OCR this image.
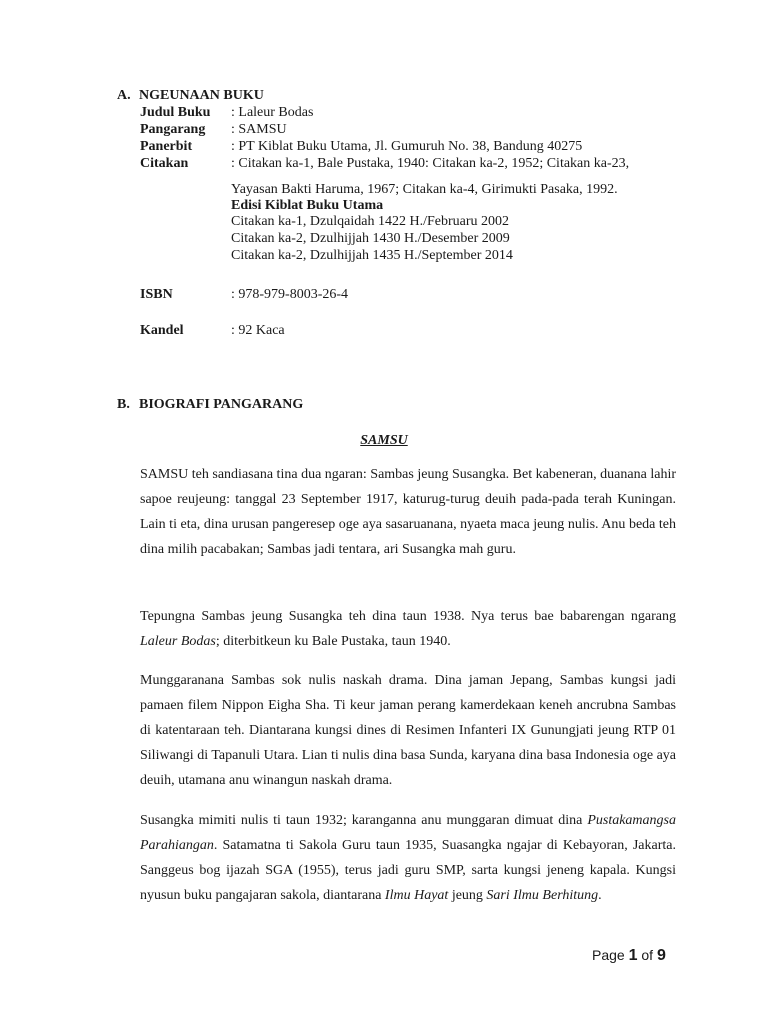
A. NGEUNAAN BUKU
Judul Buku : Laleur Bodas
Pangarang : SAMSU
Panerbit	: PT Kiblat Buku Utama, Jl. Gumuruh No. 38, Bandung 40275
Citakan	: Citakan ka-1, Bale Pustaka, 1940: Citakan ka-2, 1952; Citakan ka-23,
Yayasan Bakti Haruma, 1967; Citakan ka-4, Girimukti Pasaka, 1992.
Edisi Kiblat Buku Utama
Citakan ka-1, Dzulqaidah 1422 H./Februaru 2002
Citakan ka-2, Dzulhijjah 1430 H./Desember 2009
Citakan ka-2, Dzulhijjah 1435 H./September 2014
ISBN	: 978-979-8003-26-4
Kandel	: 92 Kaca
B. BIOGRAFI PANGARANG
SAMSU

SAMSU teh sandiasana tina dua ngaran: Sambas jeung Susangka. Bet kabeneran, duanana lahir sapoe reujeung: tanggal 23 September 1917, katurug-turug deuih pada-pada terah Kuningan. Lain ti eta, dina urusan pangeresep oge aya sasaruanana, nyaeta maca jeung nulis. Anu beda teh dina milih pacabakan; Sambas jadi tentara, ari Susangka mah guru.

Tepungna Sambas jeung Susangka teh dina taun 1938. Nya terus bae babarengan ngarang Laleur Bodas; diterbitkeun ku Bale Pustaka, taun 1940.

Munggaranana Sambas sok nulis naskah drama. Dina jaman Jepang, Sambas kungsi jadi pamaen filem Nippon Eigha Sha. Ti keur jaman perang kamerdekaan keneh ancrubna Sambas di katentaraan teh. Diantarana kungsi dines di Resimen Infanteri IX Gunungjati jeung RTP 01 Siliwangi di Tapanuli Utara. Lian ti nulis dina basa Sunda, karyana dina basa Indonesia oge aya deuih, utamana anu winangun naskah drama.

Susangka mimiti nulis ti taun 1932; karanganna anu munggaran dimuat dina Pustakamangsa Parahiangan. Satamatna ti Sakola Guru taun 1935, Suasangka ngajar di Kebayoran, Jakarta. Sanggeus bog ijazah SGA (1955), terus jadi guru SMP, sarta kungsi jeneng kapala. Kungsi nyusun buku pangajaran sakola, diantarana Ilmu Hayat jeung Sari Ilmu Berhitung.

Page 1 of 9
